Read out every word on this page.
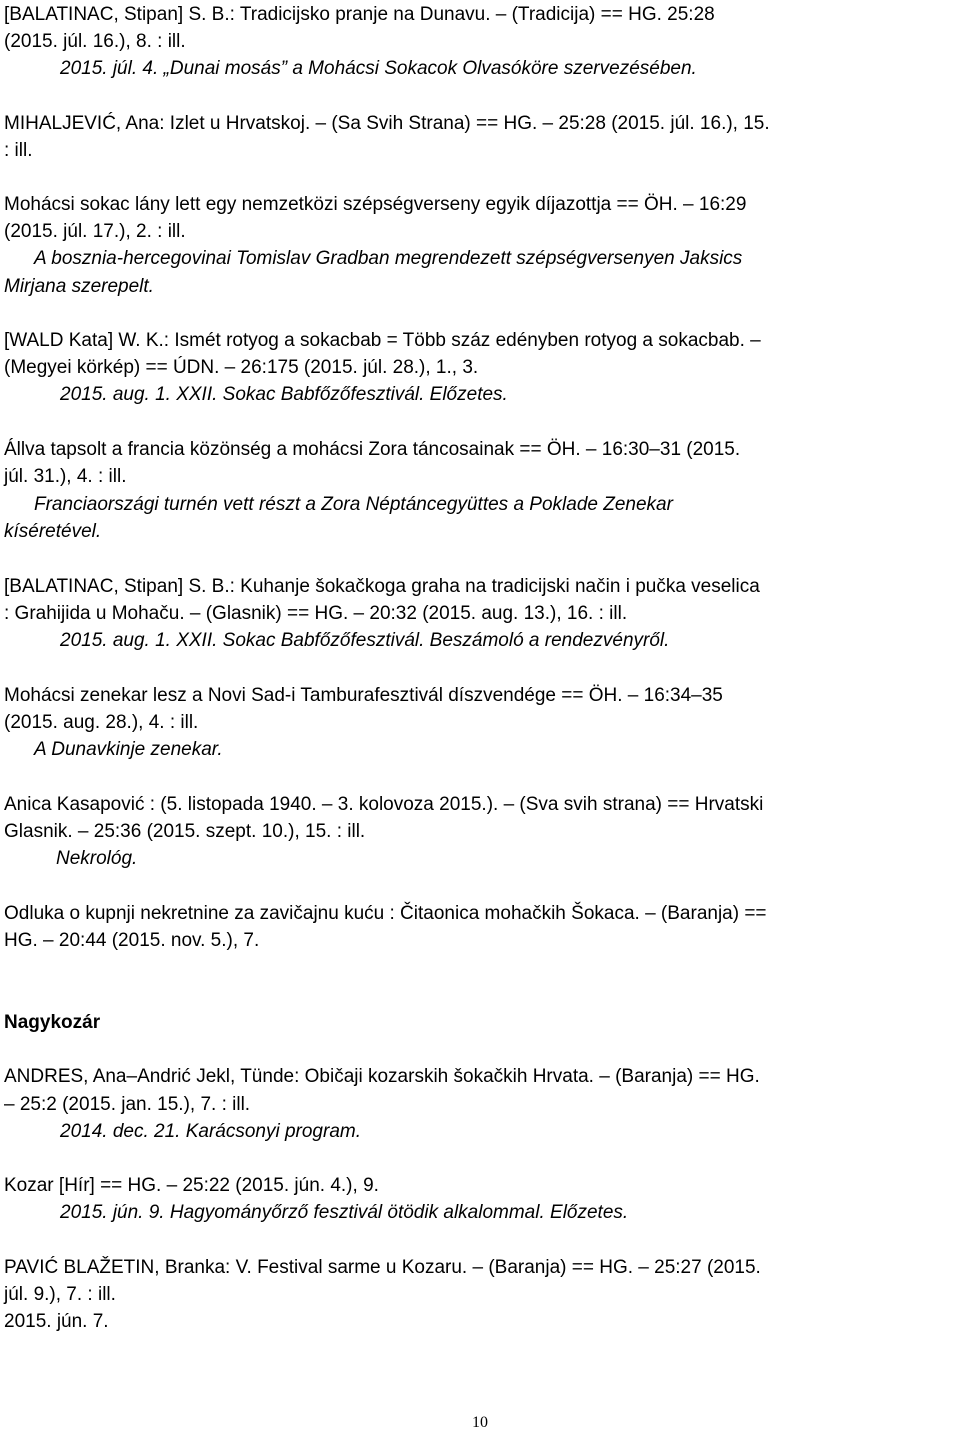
[BALATINAC, Stipan] S. B.: Tradicijsko pranje na Dunavu. – (Tradicija) == HG. 25:28
(2015. júl. 16.), 8. : ill.
2015. júl. 4. „Dunai mosás” a Mohácsi Sokacok Olvasóköre szervezésében.
MIHALJEVIĆ, Ana: Izlet u Hrvatskoj. – (Sa Svih Strana) == HG. – 25:28 (2015. júl. 16.), 15.
: ill.
Mohácsi sokac lány lett egy nemzetközi szépségverseny egyik díjazottja == ÖH. – 16:29
(2015. júl. 17.), 2. : ill.
A bosznia-hercegovinai Tomislav Gradban megrendezett szépségversenyen Jaksics
Mirjana szerepelt.
[WALD Kata] W. K.: Ismét rotyog a sokacbab = Több száz edényben rotyog a sokacbab. –
(Megyei körkép) == ÚDN. – 26:175 (2015. júl. 28.), 1., 3.
2015. aug. 1. XXII. Sokac Babfőzőfesztivál. Előzetes.
Állva tapsolt a francia közönség a mohácsi Zora táncosainak == ÖH. – 16:30–31 (2015.
júl. 31.), 4. : ill.
Franciaországi turnén vett részt a Zora Néptáncegyüttes a Poklade Zenekar
kíséretével.
[BALATINAC, Stipan] S. B.: Kuhanje šokačkoga graha na tradicijski način i pučka veselica
: Grahijida u Mohaču. – (Glasnik) == HG. – 20:32 (2015. aug. 13.), 16. : ill.
2015. aug. 1. XXII. Sokac Babfőzőfesztivál. Beszámoló a rendezvényről.
Mohácsi zenekar lesz a Novi Sad-i Tamburafesztivál díszvendége == ÖH. – 16:34–35
(2015. aug. 28.), 4. : ill.
A Dunavkinje zenekar.
Anica Kasapović : (5. listopada 1940. – 3. kolovoza 2015.). – (Sva svih strana) == Hrvatski
Glasnik. – 25:36 (2015. szept. 10.), 15. : ill.
Nekrológ.
Odluka o kupnji nekretnine za zavičajnu kuću : Čitaonica mohačkih Šokaca. – (Baranja) ==
HG. – 20:44 (2015. nov. 5.), 7.
Nagykozár
ANDRES, Ana–Andrić Jekl, Tünde: Običaji kozarskih šokačkih Hrvata. – (Baranja) == HG.
– 25:2 (2015. jan. 15.), 7. : ill.
2014. dec. 21. Karácsonyi program.
Kozar [Hír] == HG. – 25:22 (2015. jún. 4.), 9.
2015. jún. 9. Hagyományőrző fesztivál ötödik alkalommal. Előzetes.
PAVIĆ BLAŽETIN, Branka: V. Festival sarme u Kozaru. – (Baranja) == HG. – 25:27 (2015.
júl. 9.), 7. : ill.
2015. jún. 7.
10
